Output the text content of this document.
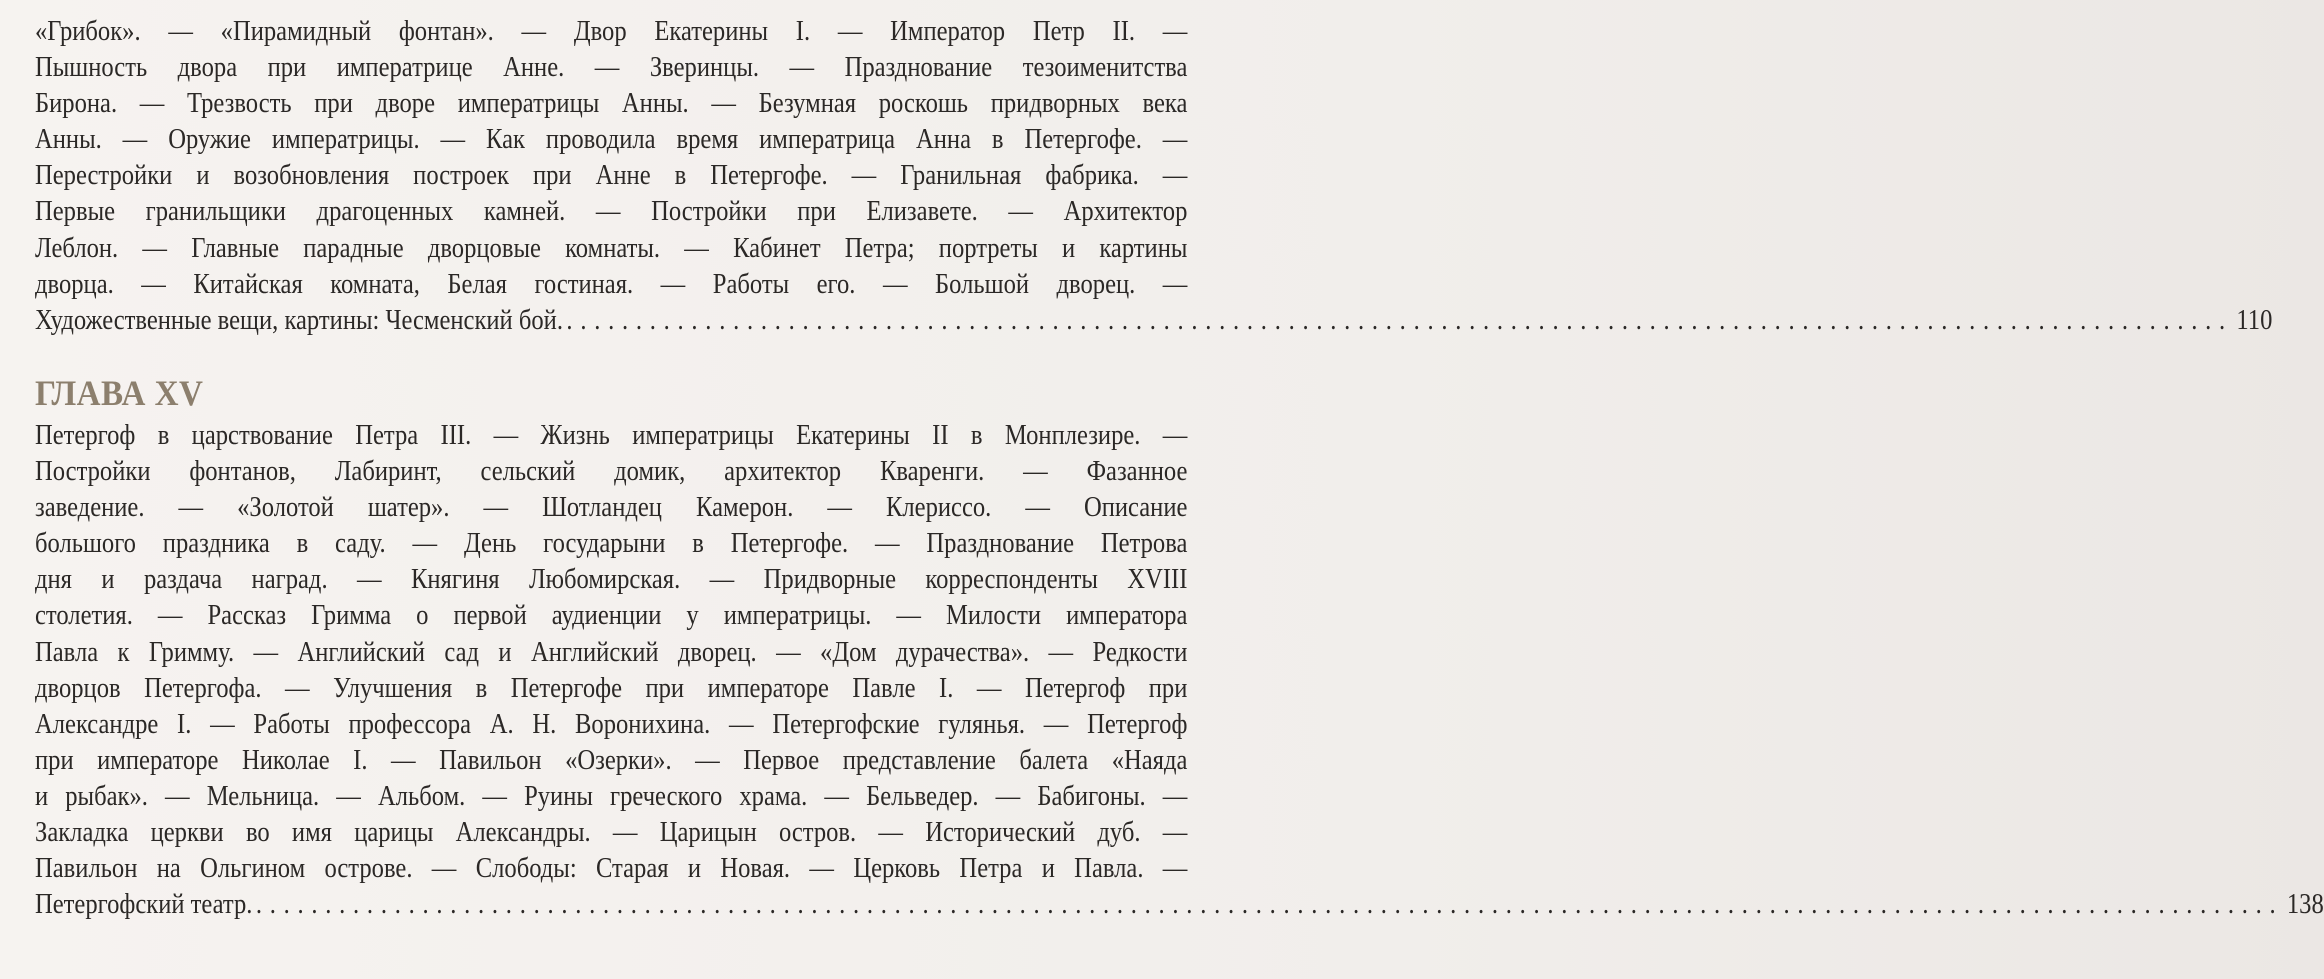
«Грибок». — «Пирамидный фонтан». — Двор Екатерины I. — Император Петр II. —
Пышность двора при императрице Анне. — Зверинцы. — Празднование тезоименитства
Бирона. — Трезвость при дворе императрицы Анны. — Безумная роскошь придворных века
Анны. — Оружие императрицы. — Как проводила время императрица Анна в Петергофе. —
Перестройки и возобновления построек при Анне в Петергофе. — Гранильная фабрика. —
Первые гранильщики драгоценных камней. — Постройки при Елизавете. — Архитектор
Леблон. — Главные парадные дворцовые комнаты. — Кабинет Петра; портреты и картины
дворца. — Китайская комната, Белая гостиная. — Работы его. — Большой дворец. —
Художественные вещи, картины: Чесменский бой. ........................................................................................................................ 110
ГЛАВА XV
Петергоф в царствование Петра III. — Жизнь императрицы Екатерины II в Монплезире. —
Постройки фонтанов, Лабиринт, сельский домик, архитектор Кваренги. — Фазанное
заведение. — «Золотой шатер». — Шотландец Камерон. — Клериссо. — Описание
большого праздника в саду. — День государыни в Петергофе. — Празднование Петрова
дня и раздача наград. — Княгиня Любомирская. — Придворные корреспонденты XVIII
столетия. — Рассказ Гримма о первой аудиенции у императрицы. — Милости императора
Павла к Гримму. — Английский сад и Английский дворец. — «Дом дурачества». — Редкости
дворцов Петергофа. — Улучшения в Петергофе при императоре Павле I. — Петергоф при
Александре I. — Работы профессора А. Н. Воронихина. — Петергофские гулянья. — Петергоф
при императоре Николае I. — Павильон «Озерки». — Первое представление балета «Наяда
и рыбак». — Мельница. — Альбом. — Руины греческого храма. — Бельведер. — Бабигоны. —
Закладка церкви во имя царицы Александры. — Царицын остров. — Исторический дуб. —
Павильон на Ольгином острове. — Слободы: Старая и Новая. — Церковь Петра и Павла. —
Петергофский театр. .................................................................................................................................................. 138
